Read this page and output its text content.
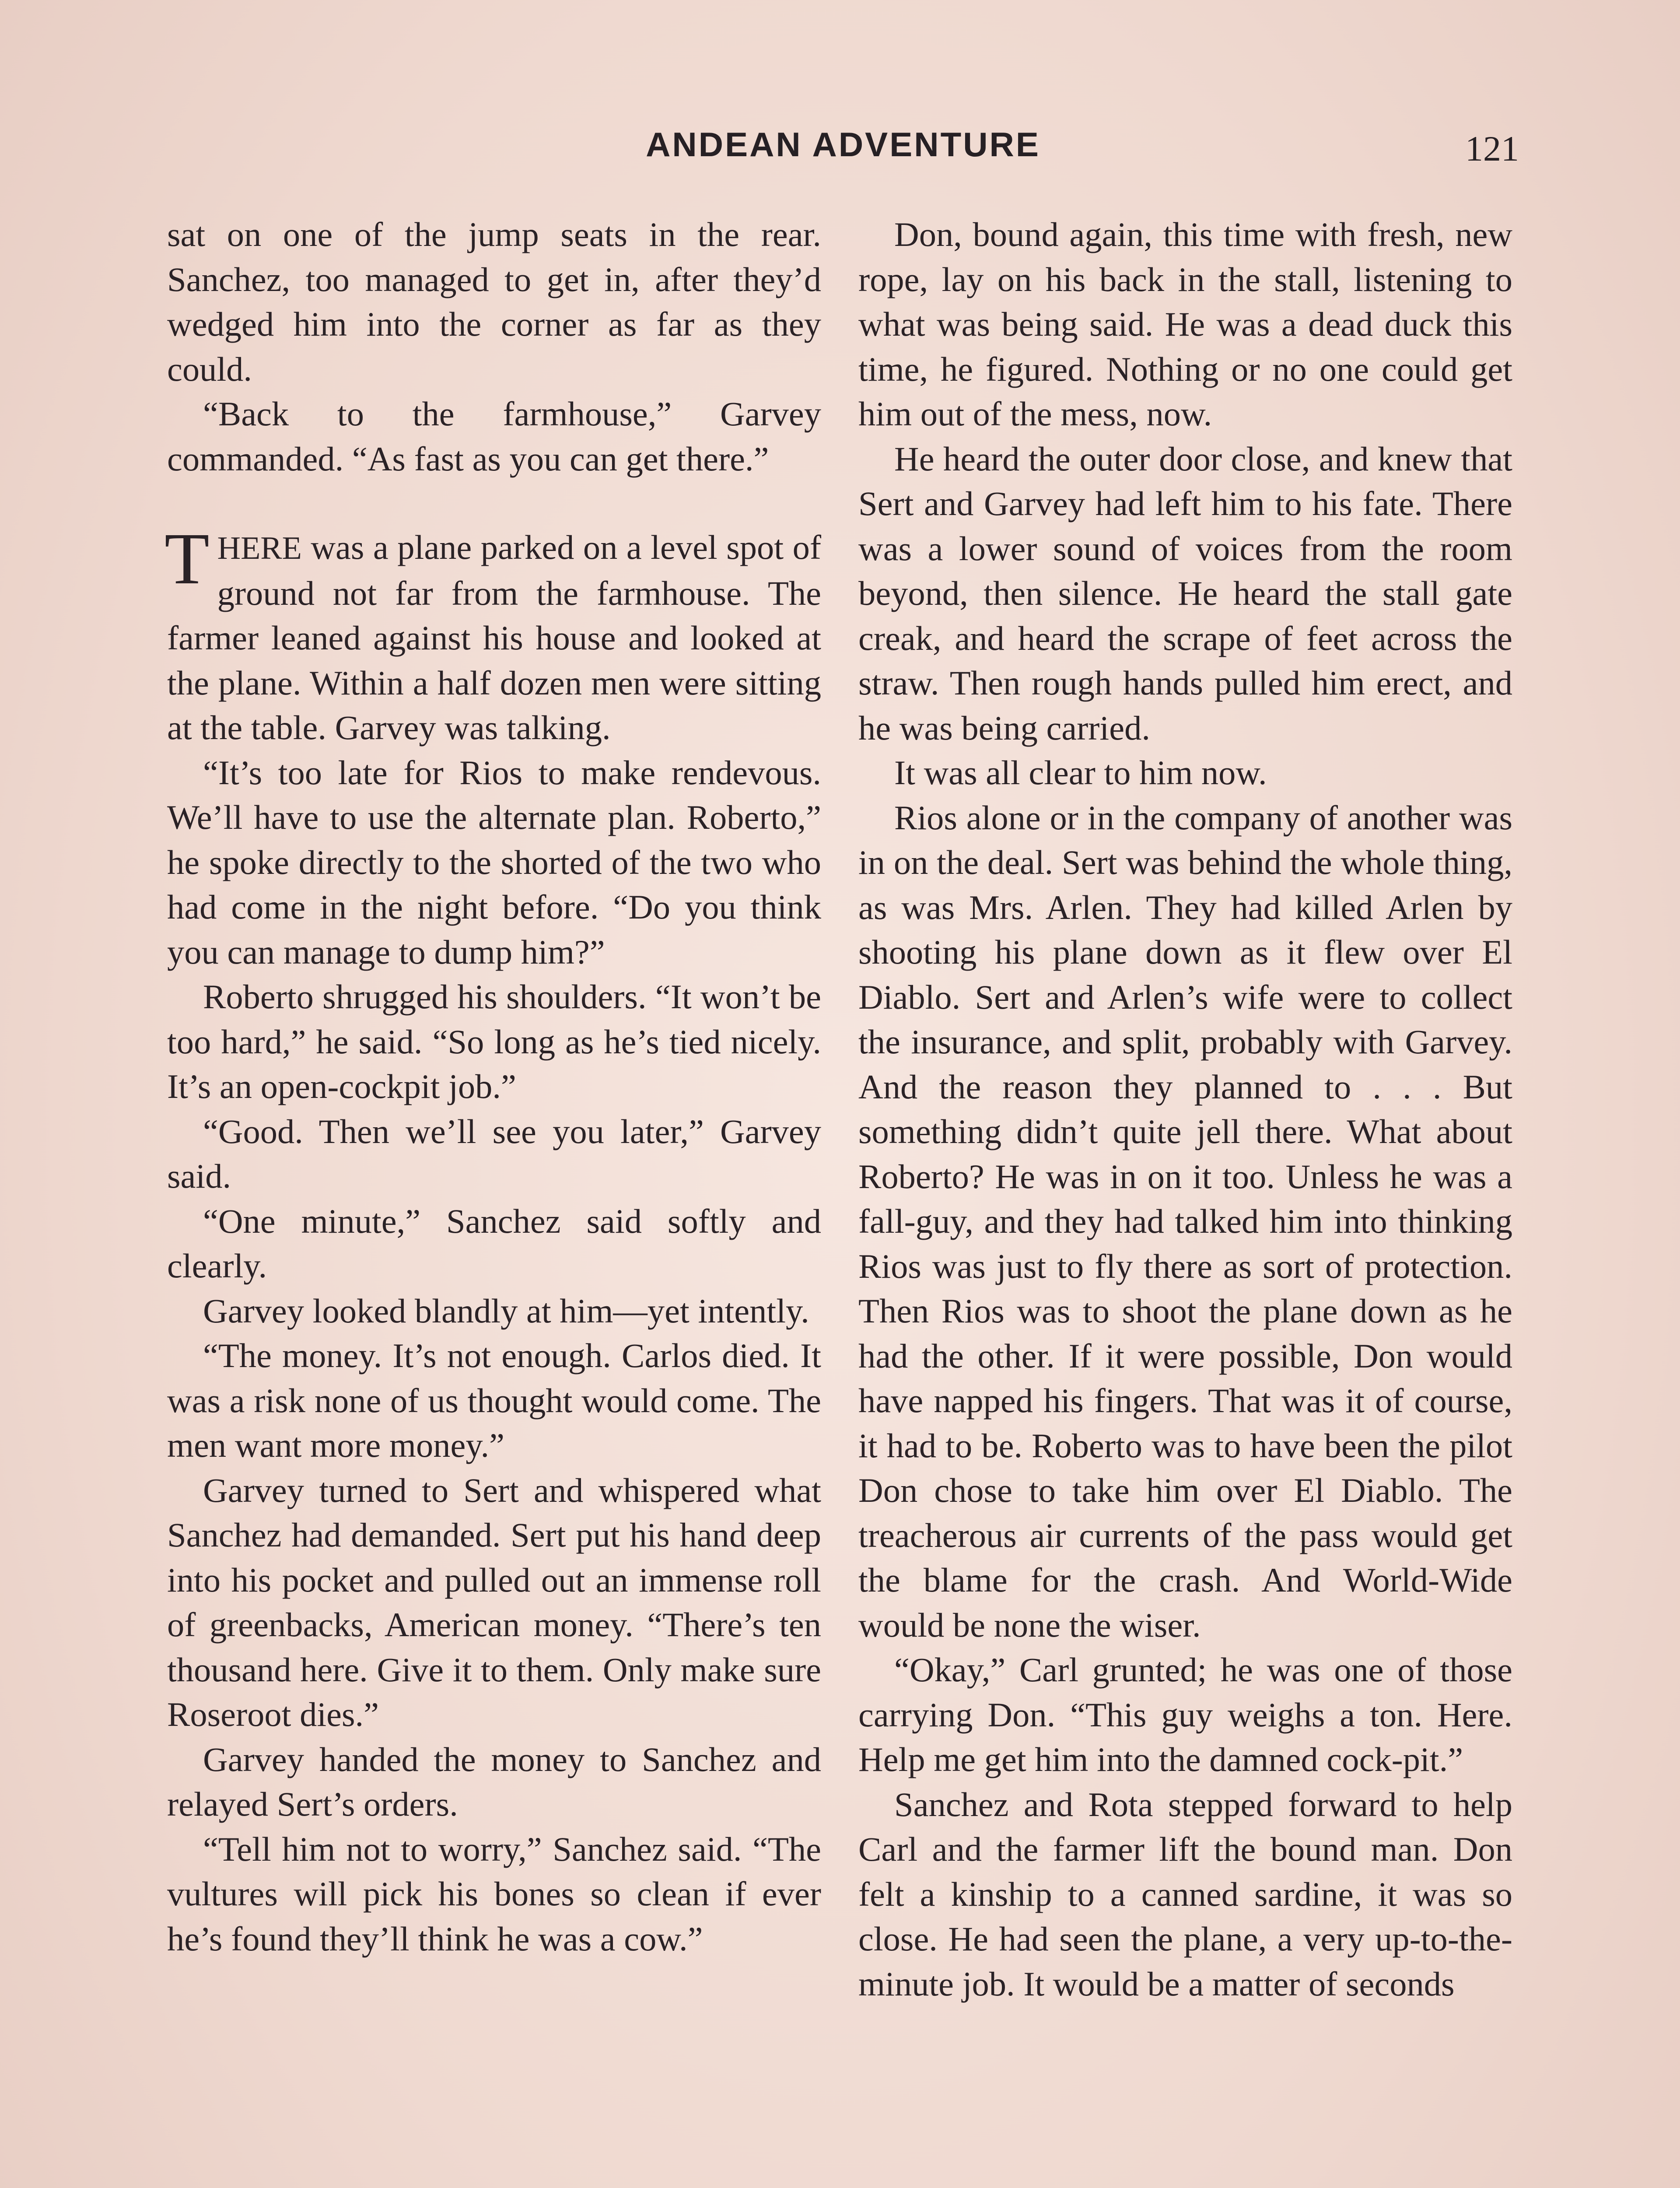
ANDEAN ADVENTURE	121

sat on one of the jump seats in the rear. Sanchez, too managed to get in, after they’d wedged him into the corner as far as they could.

“Back to the farmhouse,” Garvey commanded. “As fast as you can get there.”

THERE was a plane parked on a level spot of ground not far from the farmhouse. The farmer leaned against his house and looked at the plane. Within a half dozen men were sitting at the table. Garvey was talking.

“It’s too late for Rios to make rendevous. We’ll have to use the alternate plan. Roberto,” he spoke directly to the shorted of the two who had come in the night before. “Do you think you can manage to dump him?”

Roberto shrugged his shoulders. “It won’t be too hard,” he said. “So long as he’s tied nicely. It’s an open-cockpit job.”

“Good. Then we’ll see you later,” Garvey said.

“One minute,” Sanchez said softly and clearly.

Garvey looked blandly at him—yet intently.

“The money. It’s not enough. Carlos died. It was a risk none of us thought would come. The men want more money.”

Garvey turned to Sert and whispered what Sanchez had demanded. Sert put his hand deep into his pocket and pulled out an immense roll of greenbacks, American money. “There’s ten thousand here. Give it to them. Only make sure Roseroot dies.”

Garvey handed the money to Sanchez and relayed Sert’s orders.

“Tell him not to worry,” Sanchez said. “The vultures will pick his bones so clean if ever he’s found they’ll think he was a cow.”

Don, bound again, this time with fresh, new rope, lay on his back in the stall, listening to what was being said. He was a dead duck this time, he figured. Nothing or no one could get him out of the mess, now.

He heard the outer door close, and knew that Sert and Garvey had left him to his fate. There was a lower sound of voices from the room beyond, then silence. He heard the stall gate creak, and heard the scrape of feet across the straw. Then rough hands pulled him erect, and he was being carried.

It was all clear to him now.

Rios alone or in the company of another was in on the deal. Sert was behind the whole thing, as was Mrs. Arlen. They had killed Arlen by shooting his plane down as it flew over El Diablo. Sert and Arlen’s wife were to collect the insurance, and split, probably with Garvey. And the reason they planned to . . . But something didn’t quite jell there. What about Roberto? He was in on it too. Unless he was a fall-guy, and they had talked him into thinking Rios was just to fly there as sort of protection. Then Rios was to shoot the plane down as he had the other. If it were possible, Don would have napped his fingers. That was it of course, it had to be. Roberto was to have been the pilot Don chose to take him over El Diablo. The treacherous air currents of the pass would get the blame for the crash. And World-Wide would be none the wiser.

“Okay,” Carl grunted; he was one of those carrying Don. “This guy weighs a ton. Here. Help me get him into the damned cock-pit.”

Sanchez and Rota stepped forward to help Carl and the farmer lift the bound man. Don felt a kinship to a canned sardine, it was so close. He had seen the plane, a very up-to-the-minute job. It would be a matter of seconds
